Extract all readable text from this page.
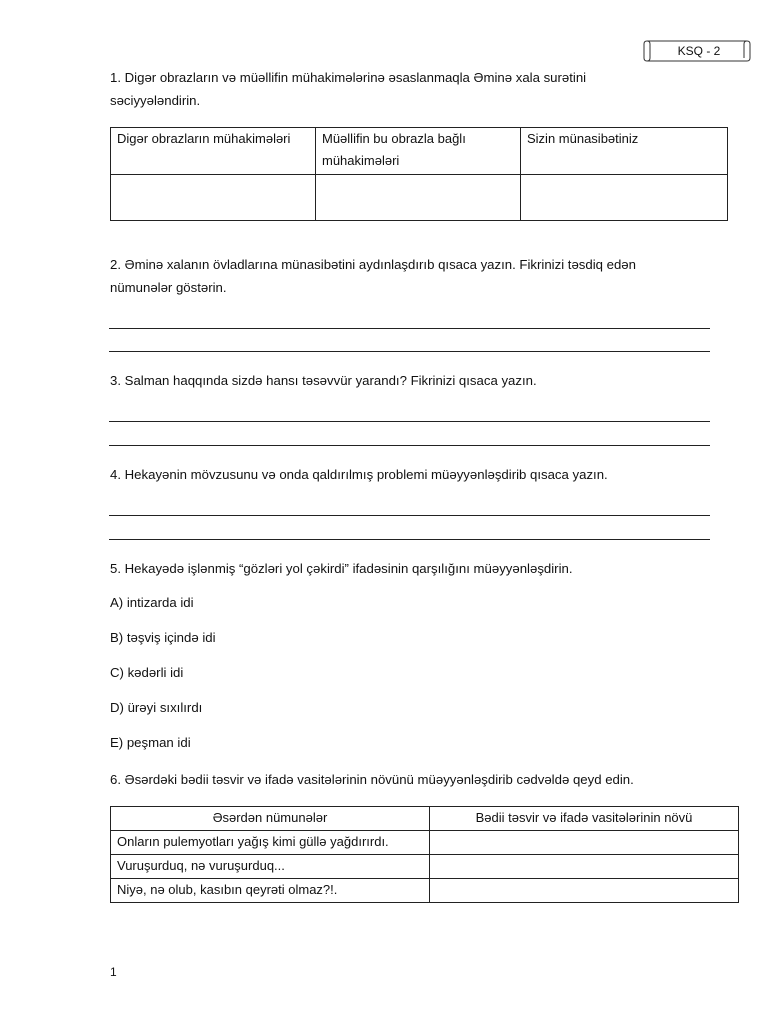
KSQ - 2
1. Digər obrazların və müəllifin mühakimələrinə əsaslanmaqla Əminə xala surətini səciyyələndirin.
Digər obrazların mühakimələri	Müəllifin bu obrazla bağlı mühakimələri	Sizin münasibətiniz

2. Əminə xalanın övladlarına münasibətini aydınlaşdırıb qısaca yazın. Fikrinizi təsdiq edən nümunələr göstərin.
3. Salman haqqında sizdə hansı təsəvvür yarandı? Fikrinizi qısaca yazın.
4. Hekayənin mövzusunu və onda qaldırılmış problemi müəyyənləşdirib qısaca yazın.
5. Hekayədə işlənmiş “gözləri yol çəkirdi” ifadəsinin qarşılığını müəyyənləşdirin.
A) intizarda idi
B) təşviş içində idi
C) kədərli idi
D) ürəyi sıxılırdı
E) peşman idi
6. Əsərdəki bədii təsvir və ifadə vasitələrinin növünü müəyyənləşdirib cədvəldə qeyd edin.
Əsərdən nümunələr	Bədii təsvir və ifadə vasitələrinin növü
Onların pulemyotları yağış kimi güllə yağdırırdı.	
Vuruşurduq, nə vuruşurduq...	
Niyə, nə olub, kasıbın qeyrəti olmaz?!.	
1
